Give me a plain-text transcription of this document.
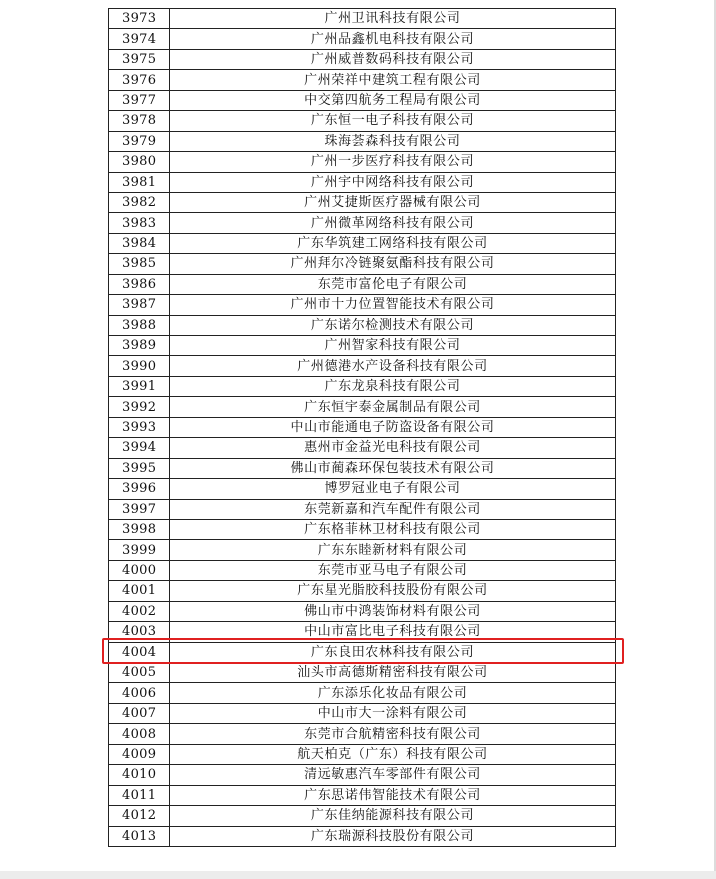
3973	广州卫讯科技有限公司
3974	广州品鑫机电科技有限公司
3975	广州威普数码科技有限公司
3976	广州荣祥中建筑工程有限公司
3977	中交第四航务工程局有限公司
3978	广东恒一电子科技有限公司
3979	珠海荟森科技有限公司
3980	广州一步医疗科技有限公司
3981	广州宇中网络科技有限公司
3982	广州艾捷斯医疗器械有限公司
3983	广州微革网络科技有限公司
3984	广东华筑建工网络科技有限公司
3985	广州拜尔冷链聚氨酯科技有限公司
3986	东莞市富伦电子有限公司
3987	广州市十力位置智能技术有限公司
3988	广东诺尔检测技术有限公司
3989	广州智家科技有限公司
3990	广州德港水产设备科技有限公司
3991	广东龙泉科技有限公司
3992	广东恒宇泰金属制品有限公司
3993	中山市能通电子防盗设备有限公司
3994	惠州市金益光电科技有限公司
3995	佛山市蔺森环保包装技术有限公司
3996	博罗冠业电子有限公司
3997	东莞新嘉和汽车配件有限公司
3998	广东格菲林卫材科技有限公司
3999	广东东睦新材料有限公司
4000	东莞市亚马电子有限公司
4001	广东星光脂胶科技股份有限公司
4002	佛山市中鸿装饰材料有限公司
4003	中山市富比电子科技有限公司
4004	广东良田农林科技有限公司
4005	汕头市高德斯精密科技有限公司
4006	广东添乐化妆品有限公司
4007	中山市大一涂料有限公司
4008	东莞市合航精密科技有限公司
4009	航天柏克（广东）科技有限公司
4010	清远敏惠汽车零部件有限公司
4011	广东思诺伟智能技术有限公司
4012	广东佳纳能源科技有限公司
4013	广东瑞源科技股份有限公司
